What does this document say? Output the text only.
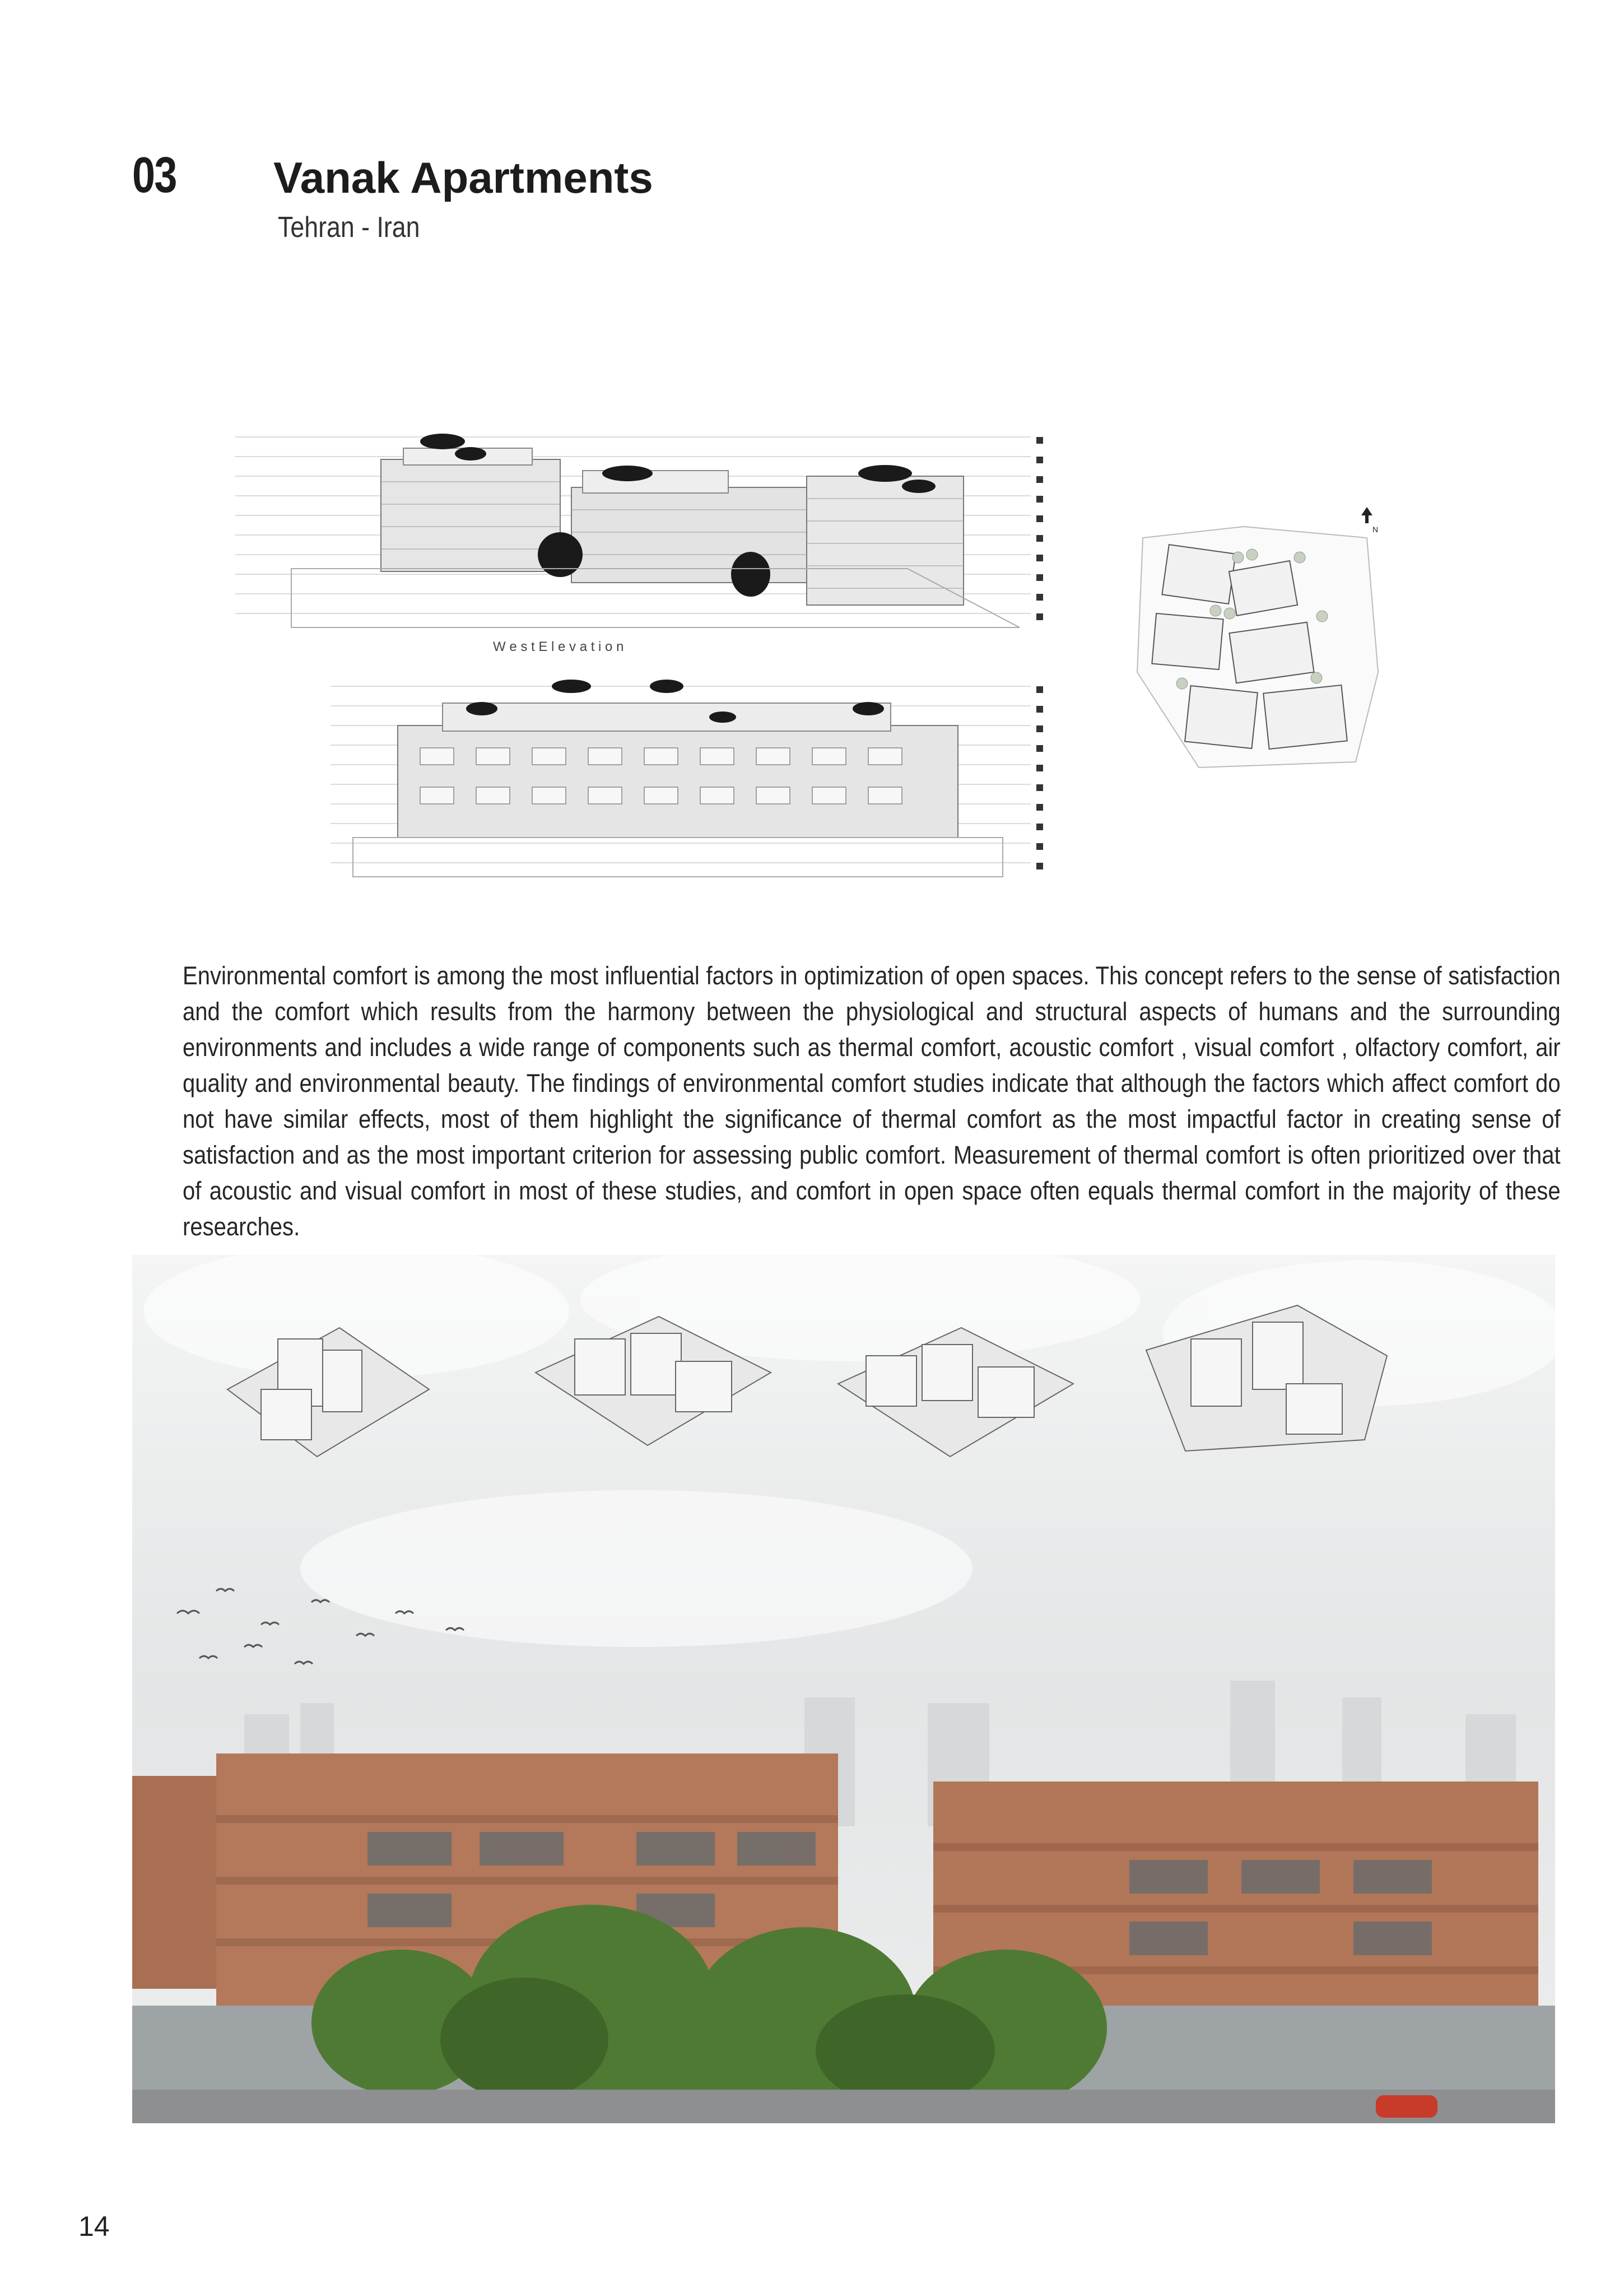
03 Vanak Apartments
Tehran - Iran
W e s t E l e v a t i o n
N
Environmental comfort is among the most influential factors in optimization of open spaces. This concept refers to the sense of satisfaction and the comfort which results from the harmony between the physiological and structural aspects of humans and the surrounding environments and includes a wide range of components such as thermal comfort, acoustic comfort , visual comfort , olfactory comfort, air quality and environmental beauty. The findings of environmental comfort studies indicate that although the factors which affect comfort do not have similar effects, most of them highlight the significance of thermal comfort as the most impactful factor in creating sense of satisfaction and as the most important criterion for assessing public comfort. Measurement of thermal comfort is often prioritized over that of acoustic and visual comfort in most of these studies, and comfort in open space often equals thermal comfort in the majority of these researches.
14
